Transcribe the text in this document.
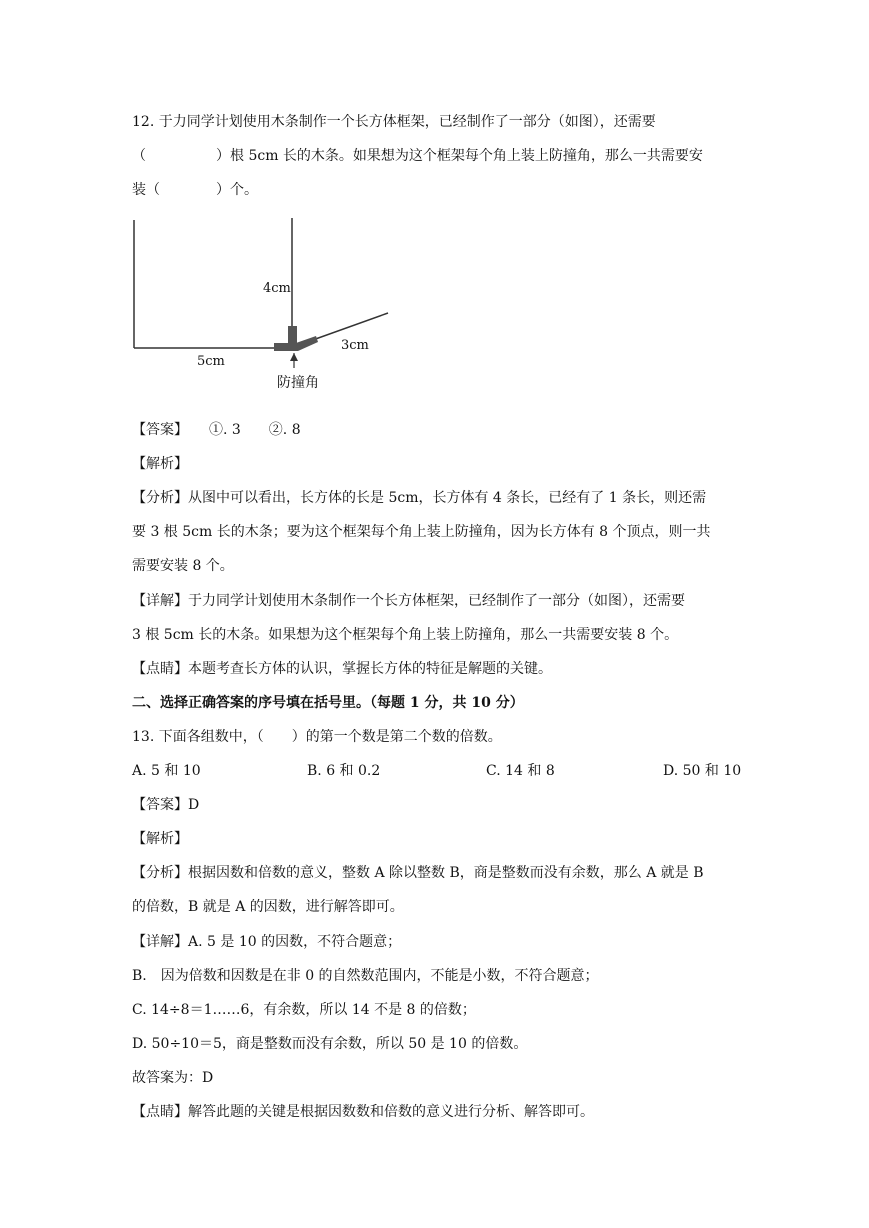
12. 于力同学计划使用木条制作一个长方体框架，已经制作了一部分（如图），还需要
（　　　　　）根 5cm 长的木条。如果想为这个框架每个角上装上防撞角，那么一共需要安
装（　　　　）个。
4cm
5cm
3cm
防撞角
【答案】　　①. 3　　②. 8
【解析】
【分析】从图中可以看出，长方体的长是 5cm，长方体有 4 条长，已经有了 1 条长，则还需
要 3 根 5cm 长的木条；要为这个框架每个角上装上防撞角，因为长方体有 8 个顶点，则一共
需要安装 8 个。
【详解】于力同学计划使用木条制作一个长方体框架，已经制作了一部分（如图），还需要
3 根 5cm 长的木条。如果想为这个框架每个角上装上防撞角，那么一共需要安装 8 个。
【点睛】本题考查长方体的认识，掌握长方体的特征是解题的关键。
二、选择正确答案的序号填在括号里。（每题 1 分，共 10 分）
13. 下面各组数中，（　　）的第一个数是第二个数的倍数。
A. 5 和 10	B. 6 和 0.2	C. 14 和 8	D. 50 和 10
【答案】D
【解析】
【分析】根据因数和倍数的意义，整数 A 除以整数 B，商是整数而没有余数，那么 A 就是 B
的倍数，B 就是 A 的因数，进行解答即可。
【详解】A. 5 是 10 的因数，不符合题意；
B.　因为倍数和因数是在非 0 的自然数范围内，不能是小数，不符合题意；
C. 14÷8＝1……6，有余数，所以 14 不是 8 的倍数；
D. 50÷10＝5，商是整数而没有余数，所以 50 是 10 的倍数。
故答案为：D
【点睛】解答此题的关键是根据因数数和倍数的意义进行分析、解答即可。
